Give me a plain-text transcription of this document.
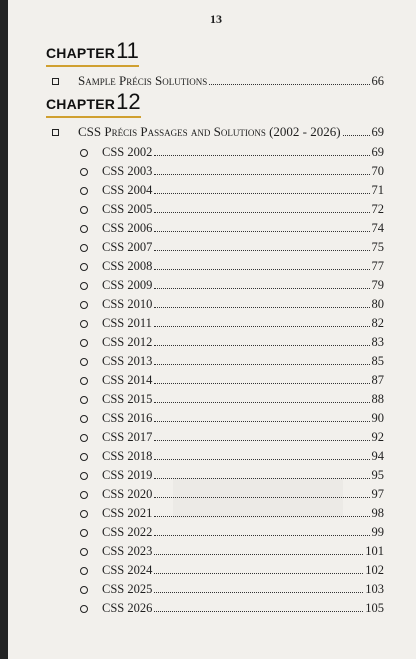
13
CHAPTER11
Sample Précis Solutions	66
CHAPTER12
CSS Précis Passages and Solutions (2002 - 2026) 69
CSS 2002	69
CSS 2003	70
CSS 2004	71
CSS 2005	72
CSS 2006	74
CSS 2007	75
CSS 2008	77
CSS 2009	79
CSS 2010	80
CSS 2011	82
CSS 2012	83
CSS 2013	85
CSS 2014	87
CSS 2015	88
CSS 2016	90
CSS 2017	92
CSS 2018	94
CSS 2019	95
CSS 2020	97
CSS 2021	98
CSS 2022	99
CSS 2023	101
CSS 2024	102
CSS 2025	103
CSS 2026	105
